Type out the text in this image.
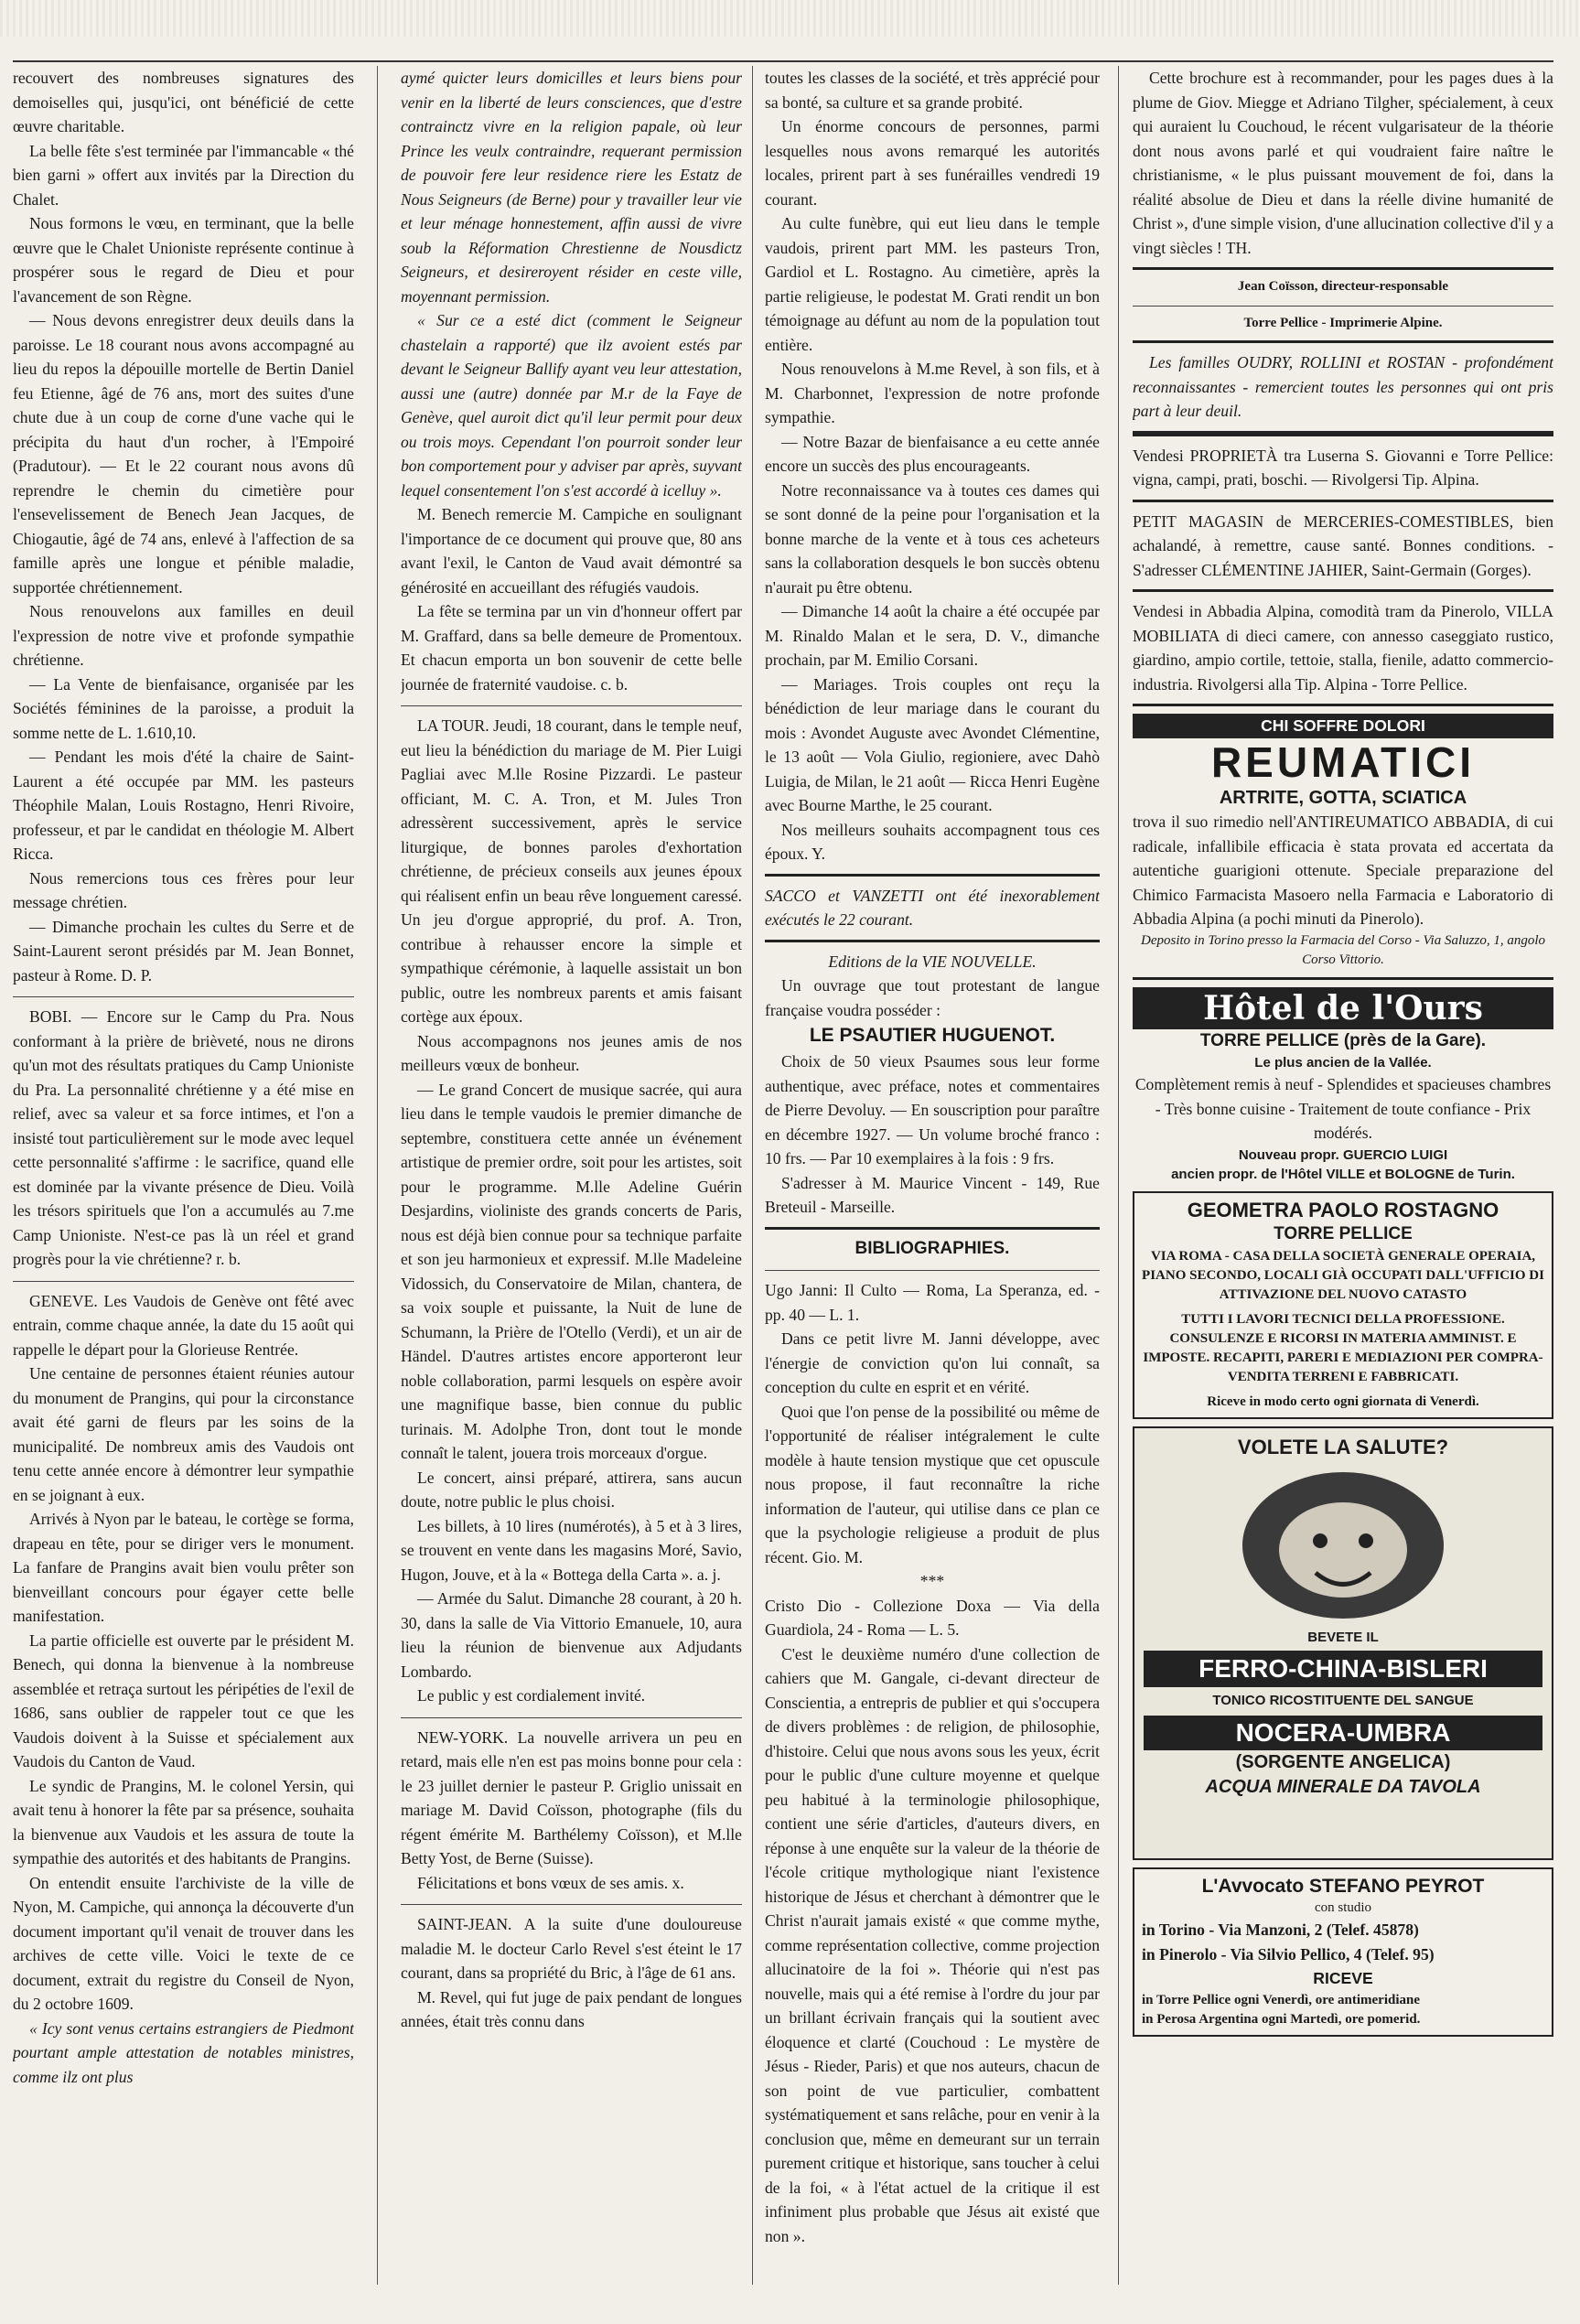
recouvert des nombreuses signatures des demoiselles qui, jusqu'ici, ont bénéficié de cette œuvre charitable.

La belle fête s'est terminée par l'immancable « thé bien garni » offert aux invités par la Direction du Chalet.

Nous formons le vœu, en terminant, que la belle œuvre que le Chalet Unioniste représente continue à prospérer sous le regard de Dieu et pour l'avancement de son Règne.

— Nous devons enregistrer deux deuils dans la paroisse. Le 18 courant nous avons accompagné au lieu du repos la dépouille mortelle de Bertin Daniel feu Etienne, âgé de 76 ans, mort des suites d'une chute due à un coup de corne d'une vache qui le précipita du haut d'un rocher, à l'Empoiré (Pradutour). — Et le 22 courant nous avons dû reprendre le chemin du cimetière pour l'ensevelissement de Benech Jean Jacques, de Chiogautie, âgé de 74 ans, enlevé à l'affection de sa famille après une longue et pénible maladie, supportée chrétiennement.

Nous renouvelons aux familles en deuil l'expression de notre vive et profonde sympathie chrétienne.

— La Vente de bienfaisance, organisée par les Sociétés féminines de la paroisse, a produit la somme nette de L. 1.610,10.

— Pendant les mois d'été la chaire de Saint-Laurent a été occupée par MM. les pasteurs Théophile Malan, Louis Rostagno, Henri Rivoire, professeur, et par le candidat en théologie M. Albert Ricca.

Nous remercions tous ces frères pour leur message chrétien.

— Dimanche prochain les cultes du Serre et de Saint-Laurent seront présidés par M. Jean Bonnet, pasteur à Rome. D. P.

BOBI. — Encore sur le Camp du Pra. Nous conformant à la prière de brièveté, nous ne dirons qu'un mot des résultats pratiques du Camp Unioniste du Pra. La personnalité chrétienne y a été mise en relief, avec sa valeur et sa force intimes, et l'on a insisté tout particulièrement sur le mode avec lequel cette personnalité s'affirme : le sacrifice, quand elle est dominée par la vivante présence de Dieu. Voilà les trésors spirituels que l'on a accumulés au 7.me Camp Unioniste. N'est-ce pas là un réel et grand progrès pour la vie chrétienne? r. b.

GENEVE. Les Vaudois de Genève ont fêté avec entrain, comme chaque année, la date du 15 août qui rappelle le départ pour la Glorieuse Rentrée.

Une centaine de personnes étaient réunies autour du monument de Prangins, qui pour la circonstance avait été garni de fleurs par les soins de la municipalité. De nombreux amis des Vaudois ont tenu cette année encore à démontrer leur sympathie en se joignant à eux.

Arrivés à Nyon par le bateau, le cortège se forma, drapeau en tête, pour se diriger vers le monument. La fanfare de Prangins avait bien voulu prêter son bienveillant concours pour égayer cette belle manifestation.

La partie officielle est ouverte par le président M. Benech, qui donna la bienvenue à la nombreuse assemblée et retraça surtout les péripéties de l'exil de 1686, sans oublier de rappeler tout ce que les Vaudois doivent à la Suisse et spécialement aux Vaudois du Canton de Vaud.

Le syndic de Prangins, M. le colonel Yersin, qui avait tenu à honorer la fête par sa présence, souhaita la bienvenue aux Vaudois et les assura de toute la sympathie des autorités et des habitants de Prangins.

On entendit ensuite l'archiviste de la ville de Nyon, M. Campiche, qui annonça la découverte d'un document important qu'il venait de trouver dans les archives de cette ville. Voici le texte de ce document, extrait du registre du Conseil de Nyon, du 2 octobre 1609.

« Icy sont venus certains estrangiers de Piedmont pourtant ample attestation de notables ministres, comme ilz ont plus

aymé quicter leurs domicilles et leurs biens pour venir en la liberté de leurs consciences, que d'estre contrainctz vivre en la religion papale, où leur Prince les veulx contraindre, requerant permission de pouvoir fere leur residence riere les Estatz de Nous Seigneurs (de Berne) pour y travailler leur vie et leur ménage honnestement, affin aussi de vivre soub la Réformation Chrestienne de Nousdictz Seigneurs, et desireroyent résider en ceste ville, moyennant permission.

« Sur ce a esté dict (comment le Seigneur chastelain a rapporté) que ilz avoient estés par devant le Seigneur Ballify ayant veu leur attestation, aussi une (autre) donnée par M.r de la Faye de Genève, quel auroit dict qu'il leur permit pour deux ou trois moys. Cependant l'on pourroit sonder leur bon comportement pour y adviser par après, suyvant lequel consentement l'on s'est accordé à icelluy ».

M. Benech remercie M. Campiche en soulignant l'importance de ce document qui prouve que, 80 ans avant l'exil, le Canton de Vaud avait démontré sa générosité en accueillant des réfugiés vaudois.

La fête se termina par un vin d'honneur offert par M. Graffard, dans sa belle demeure de Promentoux. Et chacun emporta un bon souvenir de cette belle journée de fraternité vaudoise. c. b.

LA TOUR. Jeudi, 18 courant, dans le temple neuf, eut lieu la bénédiction du mariage de M. Pier Luigi Pagliai avec M.lle Rosine Pizzardi. Le pasteur officiant, M. C. A. Tron, et M. Jules Tron adressèrent successivement, après le service liturgique, de bonnes paroles d'exhortation chrétienne, de précieux conseils aux jeunes époux qui réalisent enfin un beau rêve longuement caressé. Un jeu d'orgue approprié, du prof. A. Tron, contribue à rehausser encore la simple et sympathique cérémonie, à laquelle assistait un bon public, outre les nombreux parents et amis faisant cortège aux époux.

Nous accompagnons nos jeunes amis de nos meilleurs vœux de bonheur.

— Le grand Concert de musique sacrée, qui aura lieu dans le temple vaudois le premier dimanche de septembre, constituera cette année un événement artistique de premier ordre, soit pour les artistes, soit pour le programme. M.lle Adeline Guérin Desjardins, violiniste des grands concerts de Paris, nous est déjà bien connue pour sa technique parfaite et son jeu harmonieux et expressif. M.lle Madeleine Vidossich, du Conservatoire de Milan, chantera, de sa voix souple et puissante, la Nuit de lune de Schumann, la Prière de l'Otello (Verdi), et un air de Händel. D'autres artistes encore apporteront leur noble collaboration, parmi lesquels on espère avoir une magnifique basse, bien connue du public turinais. M. Adolphe Tron, dont tout le monde connaît le talent, jouera trois morceaux d'orgue.

Le concert, ainsi préparé, attirera, sans aucun doute, notre public le plus choisi.

Les billets, à 10 lires (numérotés), à 5 et à 3 lires, se trouvent en vente dans les magasins Moré, Savio, Hugon, Jouve, et à la « Bottega della Carta ». a. j.

— Armée du Salut. Dimanche 28 courant, à 20 h. 30, dans la salle de Via Vittorio Emanuele, 10, aura lieu la réunion de bienvenue aux Adjudants Lombardo.

Le public y est cordialement invité.

NEW-YORK. La nouvelle arrivera un peu en retard, mais elle n'en est pas moins bonne pour cela : le 23 juillet dernier le pasteur P. Griglio unissait en mariage M. David Coïsson, photographe (fils du régent émérite M. Barthélemy Coïsson), et M.lle Betty Yost, de Berne (Suisse).

Félicitations et bons vœux de ses amis. x.

SAINT-JEAN. A la suite d'une douloureuse maladie M. le docteur Carlo Revel s'est éteint le 17 courant, dans sa propriété du Bric, à l'âge de 61 ans.

M. Revel, qui fut juge de paix pendant de longues années, était très connu dans

toutes les classes de la société, et très apprécié pour sa bonté, sa culture et sa grande probité.

Un énorme concours de personnes, parmi lesquelles nous avons remarqué les autorités locales, prirent part à ses funérailles vendredi 19 courant.

Au culte funèbre, qui eut lieu dans le temple vaudois, prirent part MM. les pasteurs Tron, Gardiol et L. Rostagno. Au cimetière, après la partie religieuse, le podestat M. Grati rendit un bon témoignage au défunt au nom de la population tout entière.

Nous renouvelons à M.me Revel, à son fils, et à M. Charbonnet, l'expression de notre profonde sympathie.

— Notre Bazar de bienfaisance a eu cette année encore un succès des plus encourageants.

Notre reconnaissance va à toutes ces dames qui se sont donné de la peine pour l'organisation et la bonne marche de la vente et à tous ces acheteurs sans la collaboration desquels le bon succès obtenu n'aurait pu être obtenu.

— Dimanche 14 août la chaire a été occupée par M. Rinaldo Malan et le sera, D. V., dimanche prochain, par M. Emilio Corsani.

— Mariages. Trois couples ont reçu la bénédiction de leur mariage dans le courant du mois : Avondet Auguste avec Avondet Clémentine, le 13 août — Vola Giulio, regioniere, avec Dahò Luigia, de Milan, le 21 août — Ricca Henri Eugène avec Bourne Marthe, le 25 courant.

Nos meilleurs souhaits accompagnent tous ces époux. Y.

SACCO et VANZETTI ont été inexorablement exécutés le 22 courant.

Editions de la VIE NOUVELLE.

Un ouvrage que tout protestant de langue française voudra posséder :

LE PSAUTIER HUGUENOT.

Choix de 50 vieux Psaumes sous leur forme authentique, avec préface, notes et commentaires de Pierre Devoluy. — En souscription pour paraître en décembre 1927. — Un volume broché franco : 10 frs. — Par 10 exemplaires à la fois : 9 frs.

S'adresser à M. Maurice Vincent - 149, Rue Breteuil - Marseille.

BIBLIOGRAPHIES.

Ugo Janni: Il Culto — Roma, La Speranza, ed. - pp. 40 — L. 1.

Dans ce petit livre M. Janni développe, avec l'énergie de conviction qu'on lui connaît, sa conception du culte en esprit et en vérité.

Quoi que l'on pense de la possibilité ou même de l'opportunité de réaliser intégralement le culte modèle à haute tension mystique que cet opuscule nous propose, il faut reconnaître la riche information de l'auteur, qui utilise dans ce plan ce que la psychologie religieuse a produit de plus récent. Gio. M.

***

Cristo Dio - Collezione Doxa — Via della Guardiola, 24 - Roma — L. 5.

C'est le deuxième numéro d'une collection de cahiers que M. Gangale, ci-devant directeur de Conscientia, a entrepris de publier et qui s'occupera de divers problèmes : de religion, de philosophie, d'histoire. Celui que nous avons sous les yeux, écrit pour le public d'une culture moyenne et quelque peu habitué à la terminologie philosophique, contient une série d'articles, d'auteurs divers, en réponse à une enquête sur la valeur de la théorie de l'école critique mythologique niant l'existence historique de Jésus et cherchant à démontrer que le Christ n'aurait jamais existé « que comme mythe, comme représentation collective, comme projection allucinatoire de la foi ». Théorie qui n'est pas nouvelle, mais qui a été remise à l'ordre du jour par un brillant écrivain français qui la soutient avec éloquence et clarté (Couchoud : Le mystère de Jésus - Rieder, Paris) et que nos auteurs, chacun de son point de vue particulier, combattent systématiquement et sans relâche, pour en venir à la conclusion que, même en demeurant sur un terrain purement critique et historique, sans toucher à celui de la foi, « à l'état actuel de la critique il est infiniment plus probable que Jésus ait existé que non ».

Cette brochure est à recommander, pour les pages dues à la plume de Giov. Miegge et Adriano Tilgher, spécialement, à ceux qui auraient lu Couchoud, le récent vulgarisateur de la théorie dont nous avons parlé et qui voudraient faire naître le christianisme, « le plus puissant mouvement de foi, dans la réalité absolue de Dieu et dans la réelle divine humanité de Christ », d'une simple vision, d'une allucination collective d'il y a vingt siècles ! TH.

Jean Coïsson, directeur-responsable

Torre Pellice - Imprimerie Alpine.

Les familles OUDRY, ROLLINI et ROSTAN - profondément reconnaissantes - remercient toutes les personnes qui ont pris part à leur deuil.

Vendesi PROPRIETÀ tra Luserna S. Giovanni e Torre Pellice: vigna, campi, prati, boschi. — Rivolgersi Tip. Alpina.

PETIT MAGASIN de MERCERIES-COMESTIBLES, bien achalandé, à remettre, cause santé. Bonnes conditions. - S'adresser CLÉMENTINE JAHIER, Saint-Germain (Gorges).

Vendesi in Abbadia Alpina, comodità tram da Pinerolo, VILLA MOBILIATA di dieci camere, con annesso caseggiato rustico, giardino, ampio cortile, tettoie, stalla, fienile, adatto commercio-industria. Rivolgersi alla Tip. Alpina - Torre Pellice.

CHI SOFFRE DOLORI
REUMATICI
ARTRITE, GOTTA, SCIATICA

trova il suo rimedio nell'ANTIREUMATICO ABBADIA, di cui radicale, infallibile efficacia è stata provata ed accertata da autentiche guarigioni ottenute. Speciale preparazione del Chimico Farmacista Masoero nella Farmacia e Laboratorio di Abbadia Alpina (a pochi minuti da Pinerolo).

Deposito in Torino presso la Farmacia del Corso - Via Saluzzo, 1, angolo Corso Vittorio.

Hôtel de l'Ours
TORRE PELLICE (près de la Gare).
Le plus ancien de la Vallée.

Complètement remis à neuf - Splendides et spacieuses chambres - Très bonne cuisine - Traitement de toute confiance - Prix modérés.

Nouveau propr. GUERCIO LUIGI
ancien propr. de l'Hôtel VILLE et BOLOGNE de Turin.
GEOMETRA PAOLO ROSTAGNO
TORRE PELLICE
VIA ROMA - CASA DELLA SOCIETÀ GENERALE OPERAIA, PIANO SECONDO, LOCALI GIÀ OCCUPATI DALL'UFFICIO DI ATTIVAZIONE DEL NUOVO CATASTO
TUTTI I LAVORI TECNICI DELLA PROFESSIONE. CONSULENZE E RICORSI IN MATERIA AMMINIST. E IMPOSTE. RECAPITI, PARERI E MEDIAZIONI PER COMPRA-VENDITA TERRENI E FABBRICATI.
Riceve in modo certo ogni giornata di Venerdì.
VOLETE LA SALUTE?
BEVETE IL
FERRO-CHINA-BISLERI
TONICO RICOSTITUENTE DEL SANGUE
NOCERA-UMBRA
(SORGENTE ANGELICA)
ACQUA MINERALE DA TAVOLA
L'Avvocato STEFANO PEYROT
con studio
in Torino - Via Manzoni, 2 (Telef. 45878)
in Pinerolo - Via Silvio Pellico, 4 (Telef. 95)
RICEVE
in Torre Pellice ogni Venerdì, ore antimeridiane
in Perosa Argentina ogni Martedì, ore pomerid.
